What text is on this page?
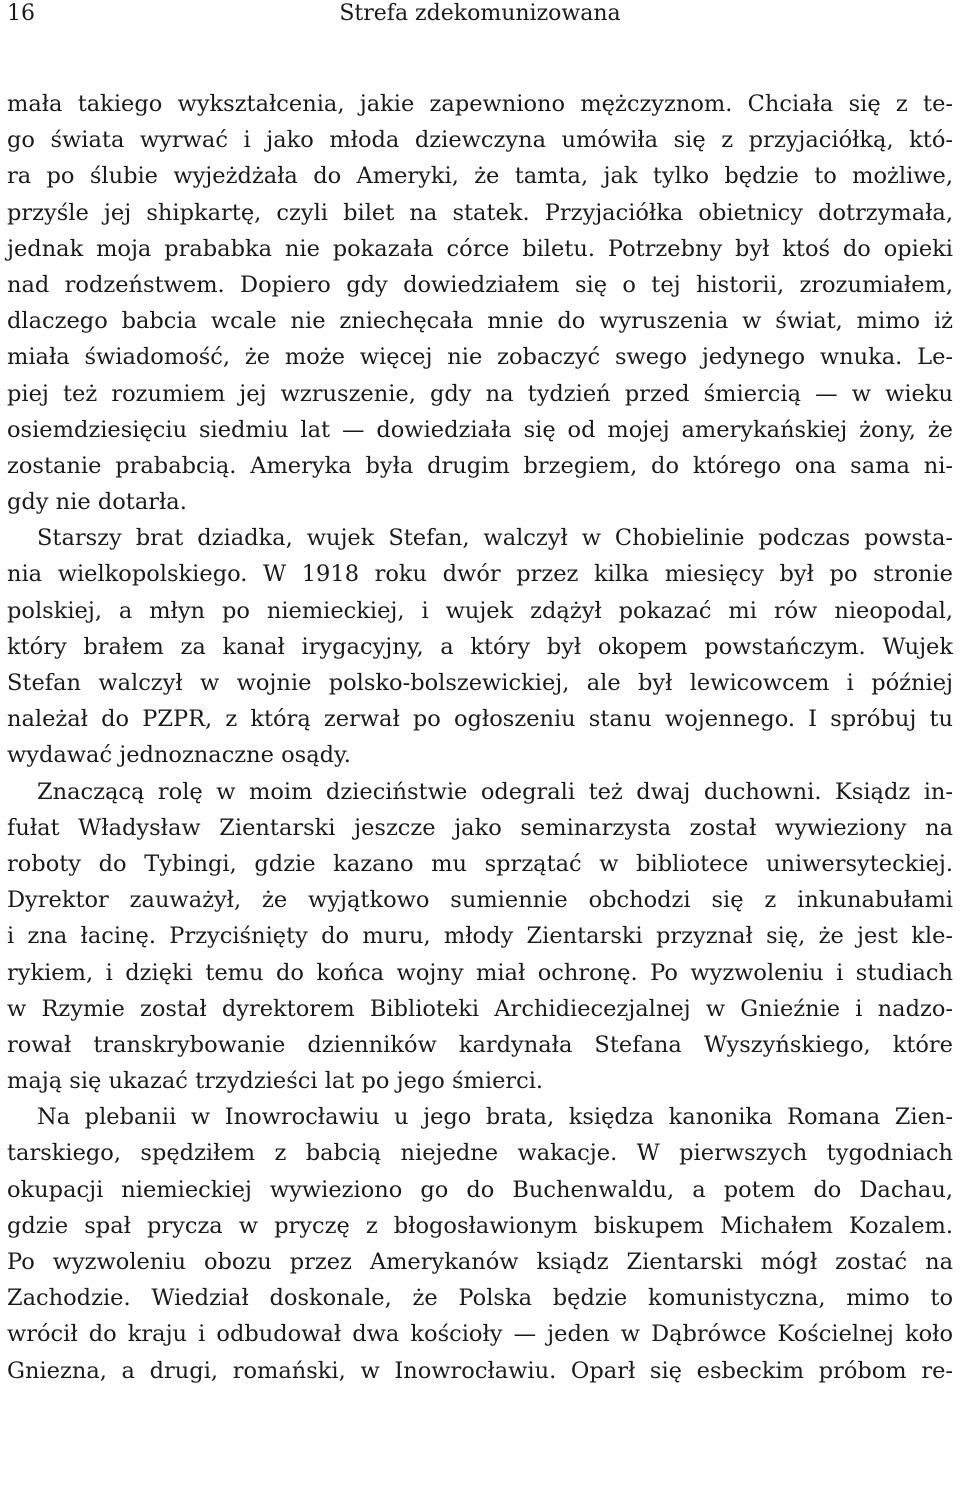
16	Strefa zdekomunizowana

mała takiego wykształcenia, jakie zapewniono mężczyznom. Chciała się z te-
go świata wyrwać i jako młoda dziewczyna umówiła się z przyjaciółką, któ-
ra po ślubie wyjeżdżała do Ameryki, że tamta, jak tylko będzie to możliwe,
przyśle jej shipkartę, czyli bilet na statek. Przyjaciółka obietnicy dotrzymała,
jednak moja prababka nie pokazała córce biletu. Potrzebny był ktoś do opieki
nad rodzeństwem. Dopiero gdy dowiedziałem się o tej historii, zrozumiałem,
dlaczego babcia wcale nie zniechęcała mnie do wyruszenia w świat, mimo iż
miała świadomość, że może więcej nie zobaczyć swego jedynego wnuka. Le-
piej też rozumiem jej wzruszenie, gdy na tydzień przed śmiercią — w wieku
osiemdziesięciu siedmiu lat — dowiedziała się od mojej amerykańskiej żony, że
zostanie prababcią. Ameryka była drugim brzegiem, do którego ona sama ni-
gdy nie dotarła.

Starszy brat dziadka, wujek Stefan, walczył w Chobielinie podczas powsta-
nia wielkopolskiego. W 1918 roku dwór przez kilka miesięcy był po stronie
polskiej, a młyn po niemieckiej, i wujek zdążył pokazać mi rów nieopodal,
który brałem za kanał irygacyjny, a który był okopem powstańczym. Wujek
Stefan walczył w wojnie polsko-bolszewickiej, ale był lewicowcem i później
należał do PZPR, z którą zerwał po ogłoszeniu stanu wojennego. I spróbuj tu
wydawać jednoznaczne osądy.

Znaczącą rolę w moim dzieciństwie odegrali też dwaj duchowni. Ksiądz in-
fułat Władysław Zientarski jeszcze jako seminarzysta został wywieziony na
roboty do Tybingi, gdzie kazano mu sprzątać w bibliotece uniwersyteckiej.
Dyrektor zauważył, że wyjątkowo sumiennie obchodzi się z inkunabułami
i zna łacinę. Przyciśnięty do muru, młody Zientarski przyznał się, że jest kle-
rykiem, i dzięki temu do końca wojny miał ochronę. Po wyzwoleniu i studiach
w Rzymie został dyrektorem Biblioteki Archidiecezjalnej w Gnieźnie i nadzo-
rował transkrybowanie dzienników kardynała Stefana Wyszyńskiego, które
mają się ukazać trzydzieści lat po jego śmierci.

Na plebanii w Inowrocławiu u jego brata, księdza kanonika Romana Zien-
tarskiego, spędziłem z babcią niejedne wakacje. W pierwszych tygodniach
okupacji niemieckiej wywieziono go do Buchenwaldu, a potem do Dachau,
gdzie spał prycza w pryczę z błogosławionym biskupem Michałem Kozalem.
Po wyzwoleniu obozu przez Amerykanów ksiądz Zientarski mógł zostać na
Zachodzie. Wiedział doskonale, że Polska będzie komunistyczna, mimo to
wrócił do kraju i odbudował dwa kościoły — jeden w Dąbrówce Kościelnej koło
Gniezna, a drugi, romański, w Inowrocławiu. Oparł się esbeckim próbom re-
